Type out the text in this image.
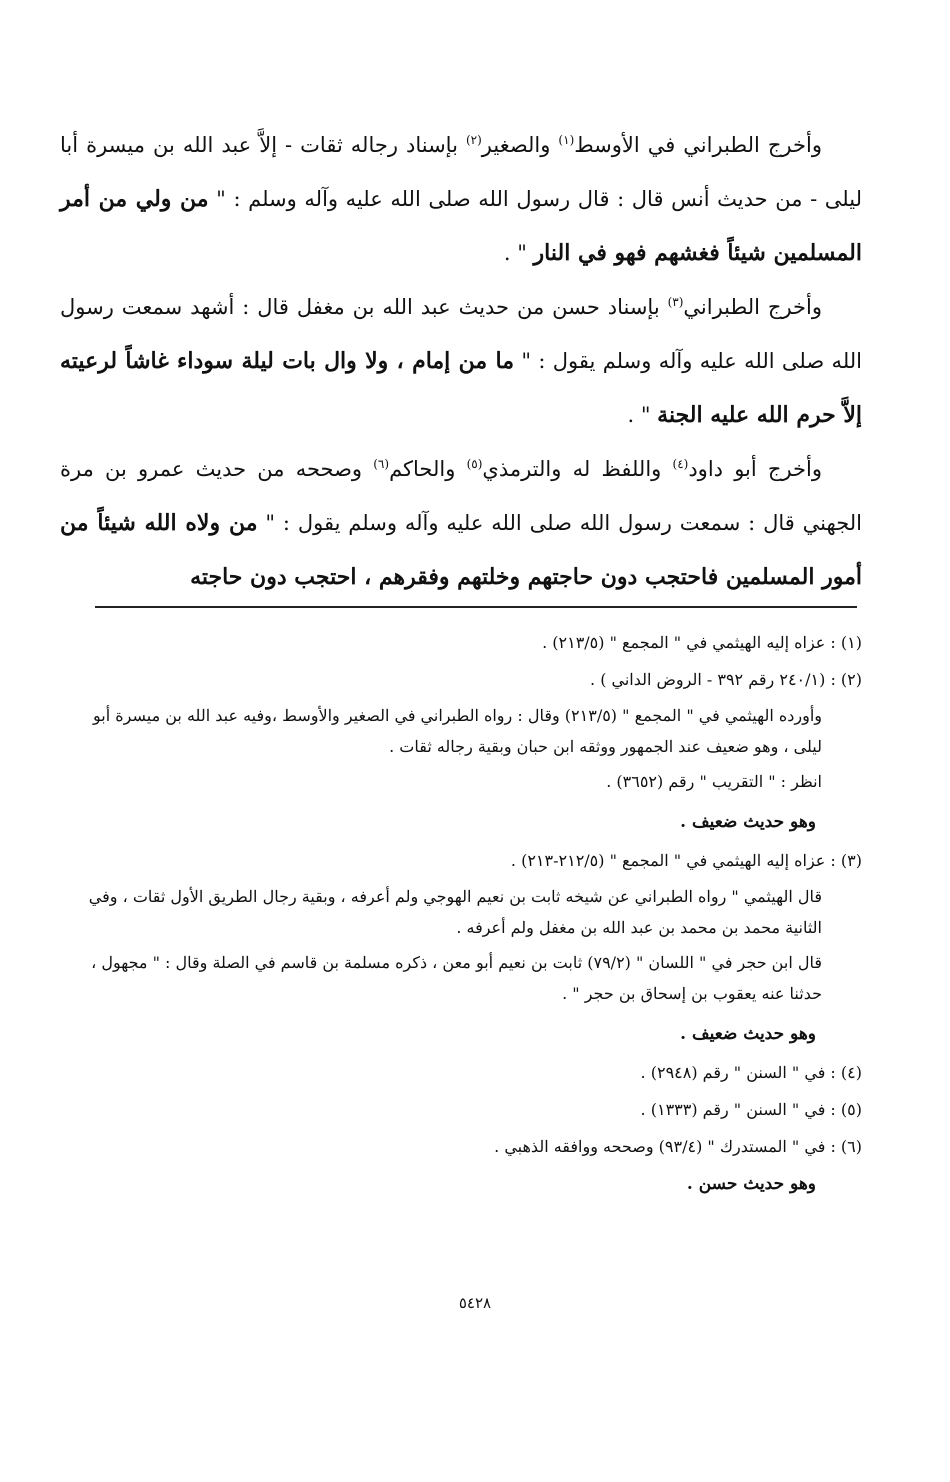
وأخرج الطبراني في الأوسط$^{(١)}$ والصغير$^{(٢)}$ بإسناد رجاله ثقات - إلاَّ عبد الله بن ميسرة أبا ليلى - من حديث أنس قال : قال رسول الله صلى الله عليه وآله وسلم : " من ولي من أمر المسلمين شيئاً فغشهم فهو في النار " .

وأخرج الطبراني$^{(٣)}$ بإسناد حسن من حديث عبد الله بن مغفل قال : أشهد سمعت رسول الله صلى الله عليه وآله وسلم يقول : " ما من إمام ، ولا وال بات ليلة سوداء غاشاً لرعيته إلاَّ حرم الله عليه الجنة " .

وأخرج أبو داود$^{(٤)}$ واللفظ له والترمذي$^{(٥)}$ والحاكم$^{(٦)}$ وصححه من حديث عمرو بن مرة الجهني قال : سمعت رسول الله صلى الله عليه وآله وسلم يقول : " من ولاه الله شيئاً من أمور المسلمين فاحتجب دون حاجتهم وخلتهم وفقرهم ، احتجب دون حاجته

(١) : عزاه إليه الهيثمي في " المجمع " (٢١٣/٥) .

(٢) : (٢٤٠/١ رقم ٣٩٢ - الروض الداني ) .

وأورده الهيثمي في " المجمع " (٢١٣/٥) وقال : رواه الطبراني في الصغير والأوسط ،وفيه عبد الله بن ميسرة أبو ليلى ، وهو ضعيف عند الجمهور ووثقه ابن حبان وبقية رجاله ثقات .

انظر : " التقريب " رقم (٣٦٥٢) .

وهو حديث ضعيف .

(٣) : عزاه إليه الهيثمي في " المجمع " (٢١٢/٥-٢١٣) .

قال الهيثمي " رواه الطبراني عن شيخه ثابت بن نعيم الهوجي ولم أعرفه ، وبقية رجال الطريق الأول ثقات ، وفي الثانية محمد بن محمد بن عبد الله بن مغفل ولم أعرفه .

قال ابن حجر في " اللسان " (٧٩/٢) ثابت بن نعيم أبو معن ، ذكره مسلمة بن قاسم في الصلة وقال : " مجهول ، حدثنا عنه يعقوب بن إسحاق بن حجر " .

وهو حديث ضعيف .

(٤) : في " السنن " رقم (٢٩٤٨) .

(٥) : في " السنن " رقم (١٣٣٣) .

(٦) : في " المستدرك " (٩٣/٤) وصححه ووافقه الذهبي .

وهو حديث حسن .

٥٤٢٨
